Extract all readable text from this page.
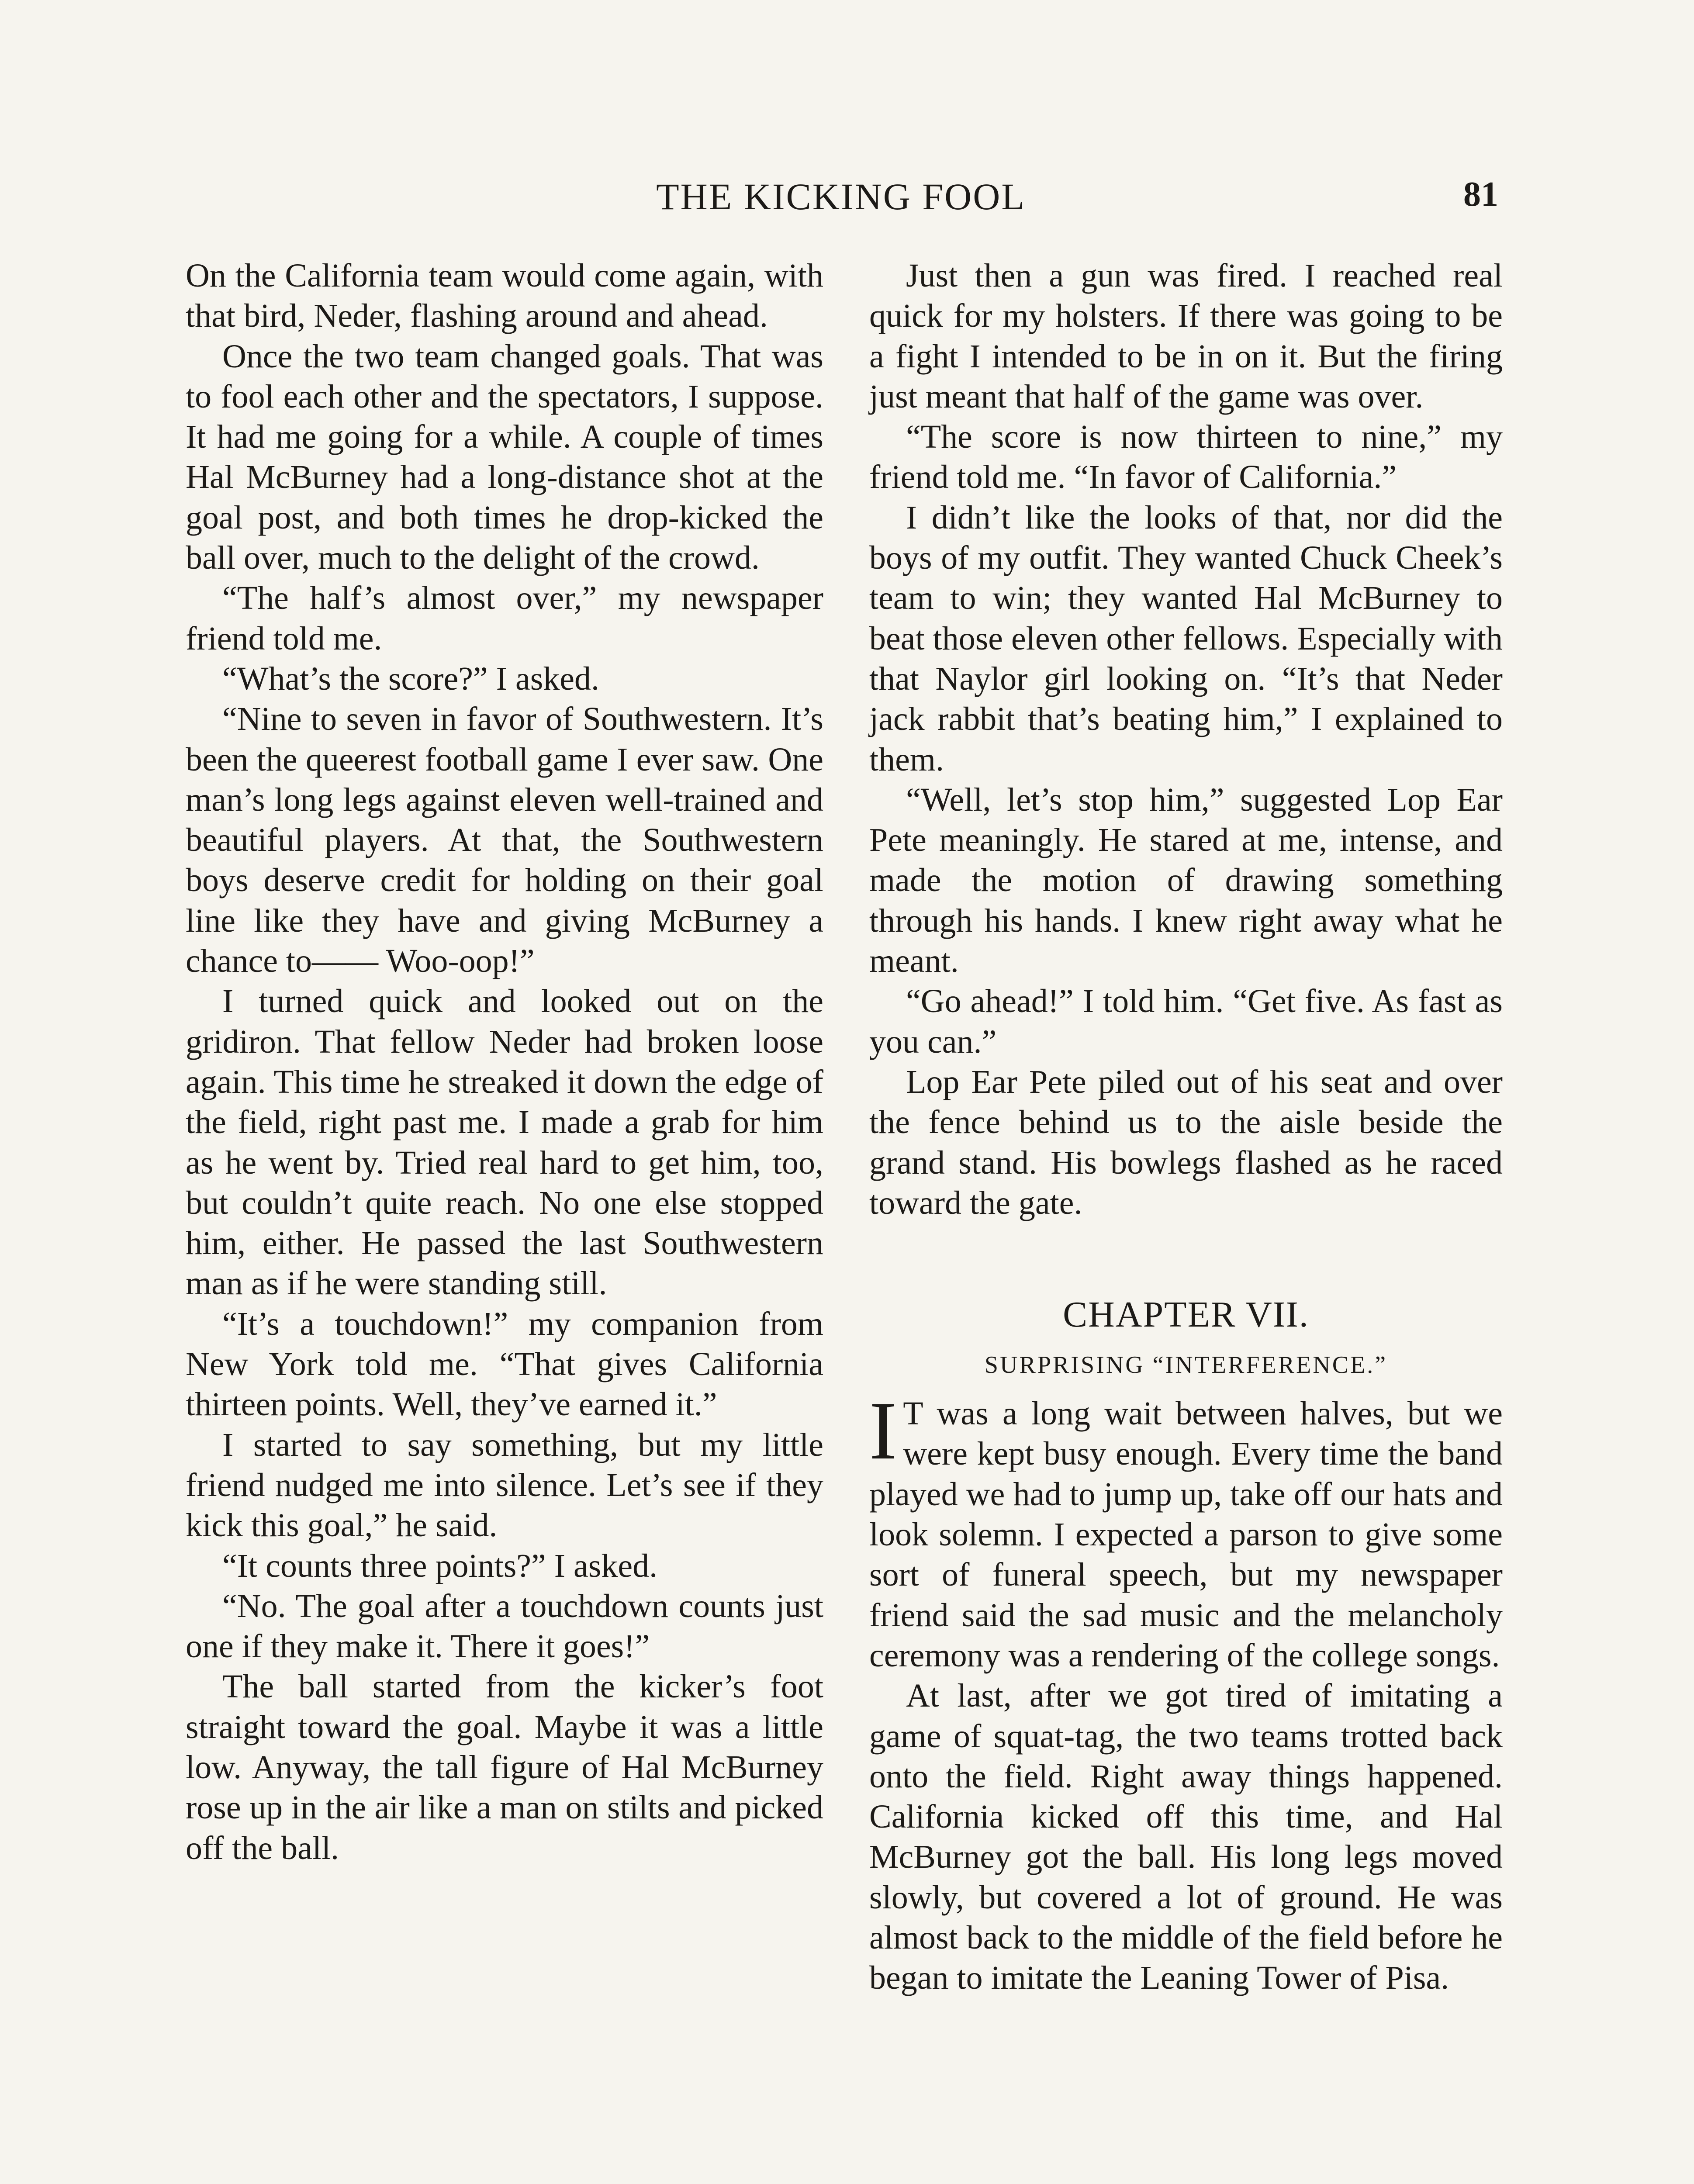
THE KICKING FOOL	81

On the California team would come again, with that bird, Neder, flashing around and ahead.

Once the two team changed goals. That was to fool each other and the spectators, I suppose. It had me going for a while. A couple of times Hal McBurney had a long-distance shot at the goal post, and both times he drop-kicked the ball over, much to the delight of the crowd.

“The half’s almost over,” my newspaper friend told me.

“What’s the score?” I asked.

“Nine to seven in favor of Southwestern. It’s been the queerest football game I ever saw. One man’s long legs against eleven well-trained and beautiful players. At that, the Southwestern boys deserve credit for holding on their goal line like they have and giving McBurney a chance to—— Woo-oop!”

I turned quick and looked out on the gridiron. That fellow Neder had broken loose again. This time he streaked it down the edge of the field, right past me. I made a grab for him as he went by. Tried real hard to get him, too, but couldn’t quite reach. No one else stopped him, either. He passed the last Southwestern man as if he were standing still.

“It’s a touchdown!” my companion from New York told me. “That gives California thirteen points. Well, they’ve earned it.”

I started to say something, but my little friend nudged me into silence. Let’s see if they kick this goal,” he said.

“It counts three points?” I asked.

“No. The goal after a touchdown counts just one if they make it. There it goes!”

The ball started from the kicker’s foot straight toward the goal. Maybe it was a little low. Anyway, the tall figure of Hal McBurney rose up in the air like a man on stilts and picked off the ball.

Just then a gun was fired. I reached real quick for my holsters. If there was going to be a fight I intended to be in on it. But the firing just meant that half of the game was over.

“The score is now thirteen to nine,” my friend told me. “In favor of California.”

I didn’t like the looks of that, nor did the boys of my outfit. They wanted Chuck Cheek’s team to win; they wanted Hal McBurney to beat those eleven other fellows. Especially with that Naylor girl looking on. “It’s that Neder jack rabbit that’s beating him,” I explained to them.

“Well, let’s stop him,” suggested Lop Ear Pete meaningly. He stared at me, intense, and made the motion of drawing something through his hands. I knew right away what he meant.

“Go ahead!” I told him. “Get five. As fast as you can.”

Lop Ear Pete piled out of his seat and over the fence behind us to the aisle beside the grand stand. His bowlegs flashed as he raced toward the gate.

CHAPTER VII.
SURPRISING “INTERFERENCE.”

I T was a long wait between halves, but we were kept busy enough. Every time the band played we had to jump up, take off our hats and look solemn. I expected a parson to give some sort of funeral speech, but my newspaper friend said the sad music and the melancholy ceremony was a rendering of the college songs.

At last, after we got tired of imitating a game of squat-tag, the two teams trotted back onto the field. Right away things happened. California kicked off this time, and Hal McBurney got the ball. His long legs moved slowly, but covered a lot of ground. He was almost back to the middle of the field before he began to imitate the Leaning Tower of Pisa.
